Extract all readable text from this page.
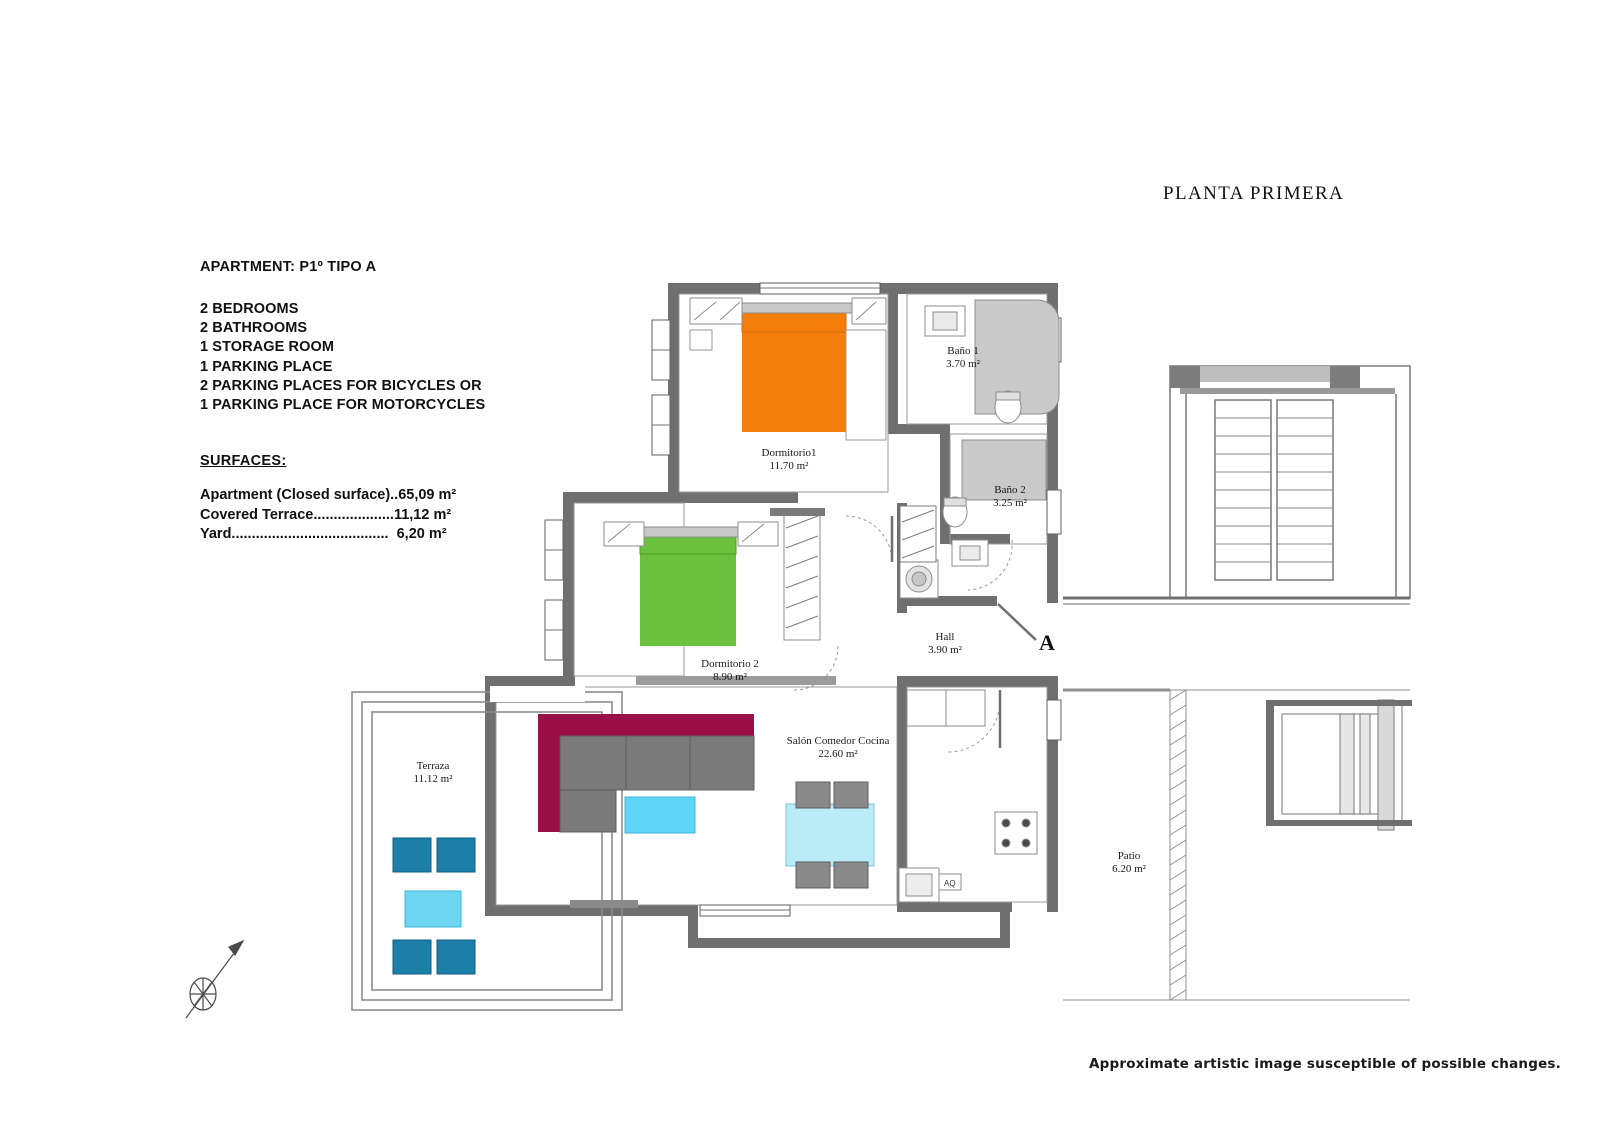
PLANTA PRIMERA
APARTMENT: P1º TIPO A
2 BEDROOMS
2 BATHROOMS
1 STORAGE ROOM
1 PARKING PLACE
2 PARKING PLACES FOR BICYCLES OR
1 PARKING PLACE FOR MOTORCYCLES
SURFACES:
Apartment (Closed surface)..65,09 m²
Covered Terrace....................11,12 m²
Yard.......................................  6,20 m²
Approximate artistic image susceptible of possible changes.
AQ
Dormitorio1
11.70 m²
Baño 1
3.70 m²
Baño 2
3.25 m²
Dormitorio 2
8.90 m²
Hall
3.90 m²
Salón Comedor Cocina
22.60 m²
Terraza
11.12 m²
Patio
6.20 m²
A
